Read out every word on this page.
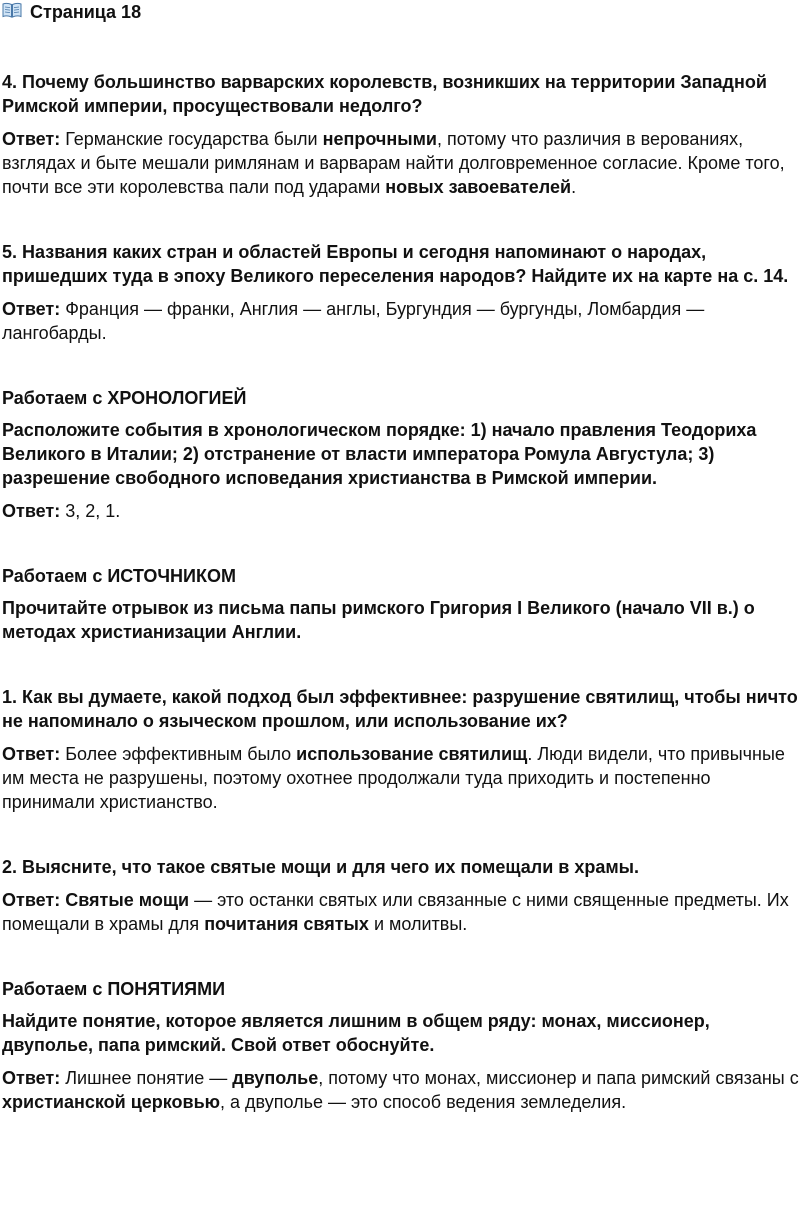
Страница 18

4. Почему большинство варварских королевств, возникших на территории Западной Римской империи, просуществовали недолго?

Ответ: Германские государства были непрочными, потому что различия в верованиях, взглядах и быте мешали римлянам и варварам найти долговременное согласие. Кроме того, почти все эти королевства пали под ударами новых завоевателей.

5. Названия каких стран и областей Европы и сегодня напоминают о народах, пришедших туда в эпоху Великого переселения народов? Найдите их на карте на с. 14.

Ответ: Франция — франки, Англия — англы, Бургундия — бургунды, Ломбардия — лангобарды.

Работаем с ХРОНОЛОГИЕЙ

Расположите события в хронологическом порядке: 1) начало правления Теодориха Великого в Италии; 2) отстранение от власти императора Ромула Августула; 3) разрешение свободного исповедания христианства в Римской империи.

Ответ: 3, 2, 1.

Работаем с ИСТОЧНИКОМ

Прочитайте отрывок из письма папы римского Григория I Великого (начало VII в.) о методах христианизации Англии.

1. Как вы думаете, какой подход был эффективнее: разрушение святилищ, чтобы ничто не напоминало о языческом прошлом, или использование их?

Ответ: Более эффективным было использование святилищ. Люди видели, что привычные им места не разрушены, поэтому охотнее продолжали туда приходить и постепенно принимали христианство.

2. Выясните, что такое святые мощи и для чего их помещали в храмы.

Ответ: Святые мощи — это останки святых или связанные с ними священные предметы. Их помещали в храмы для почитания святых и молитвы.

Работаем с ПОНЯТИЯМИ

Найдите понятие, которое является лишним в общем ряду: монах, миссионер, двуполье, папа римский. Свой ответ обоснуйте.

Ответ: Лишнее понятие — двуполье, потому что монах, миссионер и папа римский связаны с христианской церковью, а двуполье — это способ ведения земледелия.
